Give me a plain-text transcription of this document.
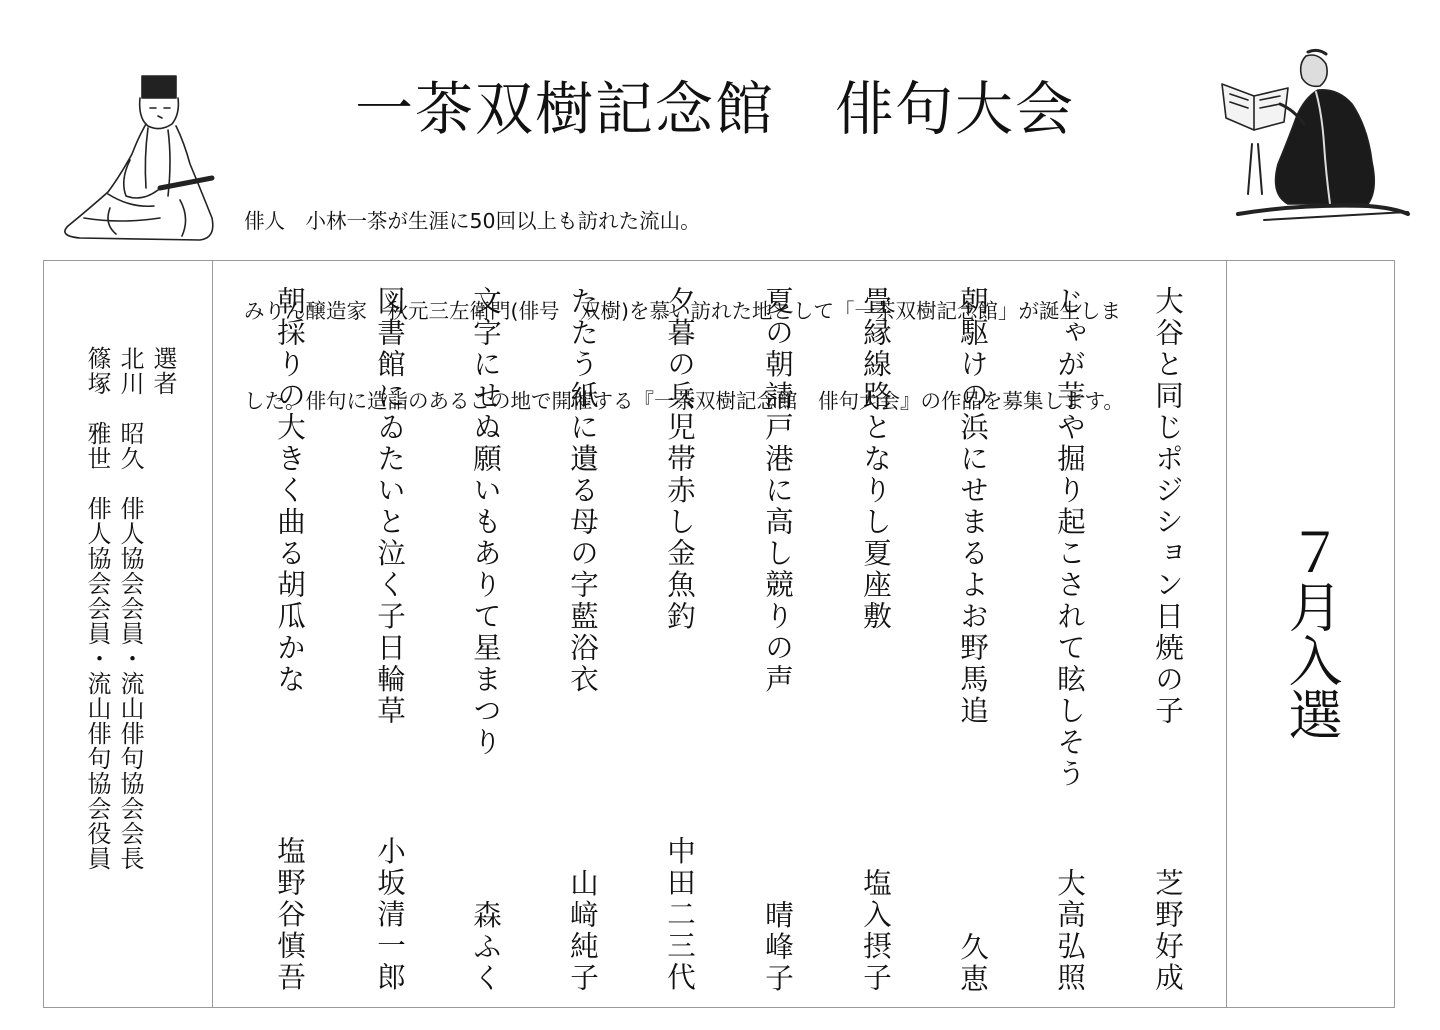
一茶双樹記念館　俳句大会

俳人　小林一茶が生涯に50回以上も訪れた流山。

みりん醸造家　秋元三左衛門(俳号　双樹)を慕い訪れた地として「一茶双樹記念館」が誕生しま

した。俳句に造詣のあるこの地で開催する『一茶双樹記念館　俳句大会』の作品を募集します。

７月入選
大谷と同じポジション日焼の子
芝野好成
じゃが芋や掘り起こされて眩しそう
大高弘照
朝駆けの浜にせまるよお野馬追
久恵
畳縁線路となりし夏座敷
塩入摂子
夏の朝請戸港に高し競りの声
晴峰子
夕暮の兵児帯赤し金魚釣
中田二三代
たたう紙に遺る母の字藍浴衣
山﨑純子
文字にせぬ願いもありて星まつり
森ふく
図書館にゐたいと泣く子日輪草
小坂清一郎
朝採りの大きく曲る胡瓜かな
塩野谷慎吾
選者
北川　昭久　俳人協会会員・流山俳句協会会長
篠塚　雅世　俳人協会会員・流山俳句協会役員
